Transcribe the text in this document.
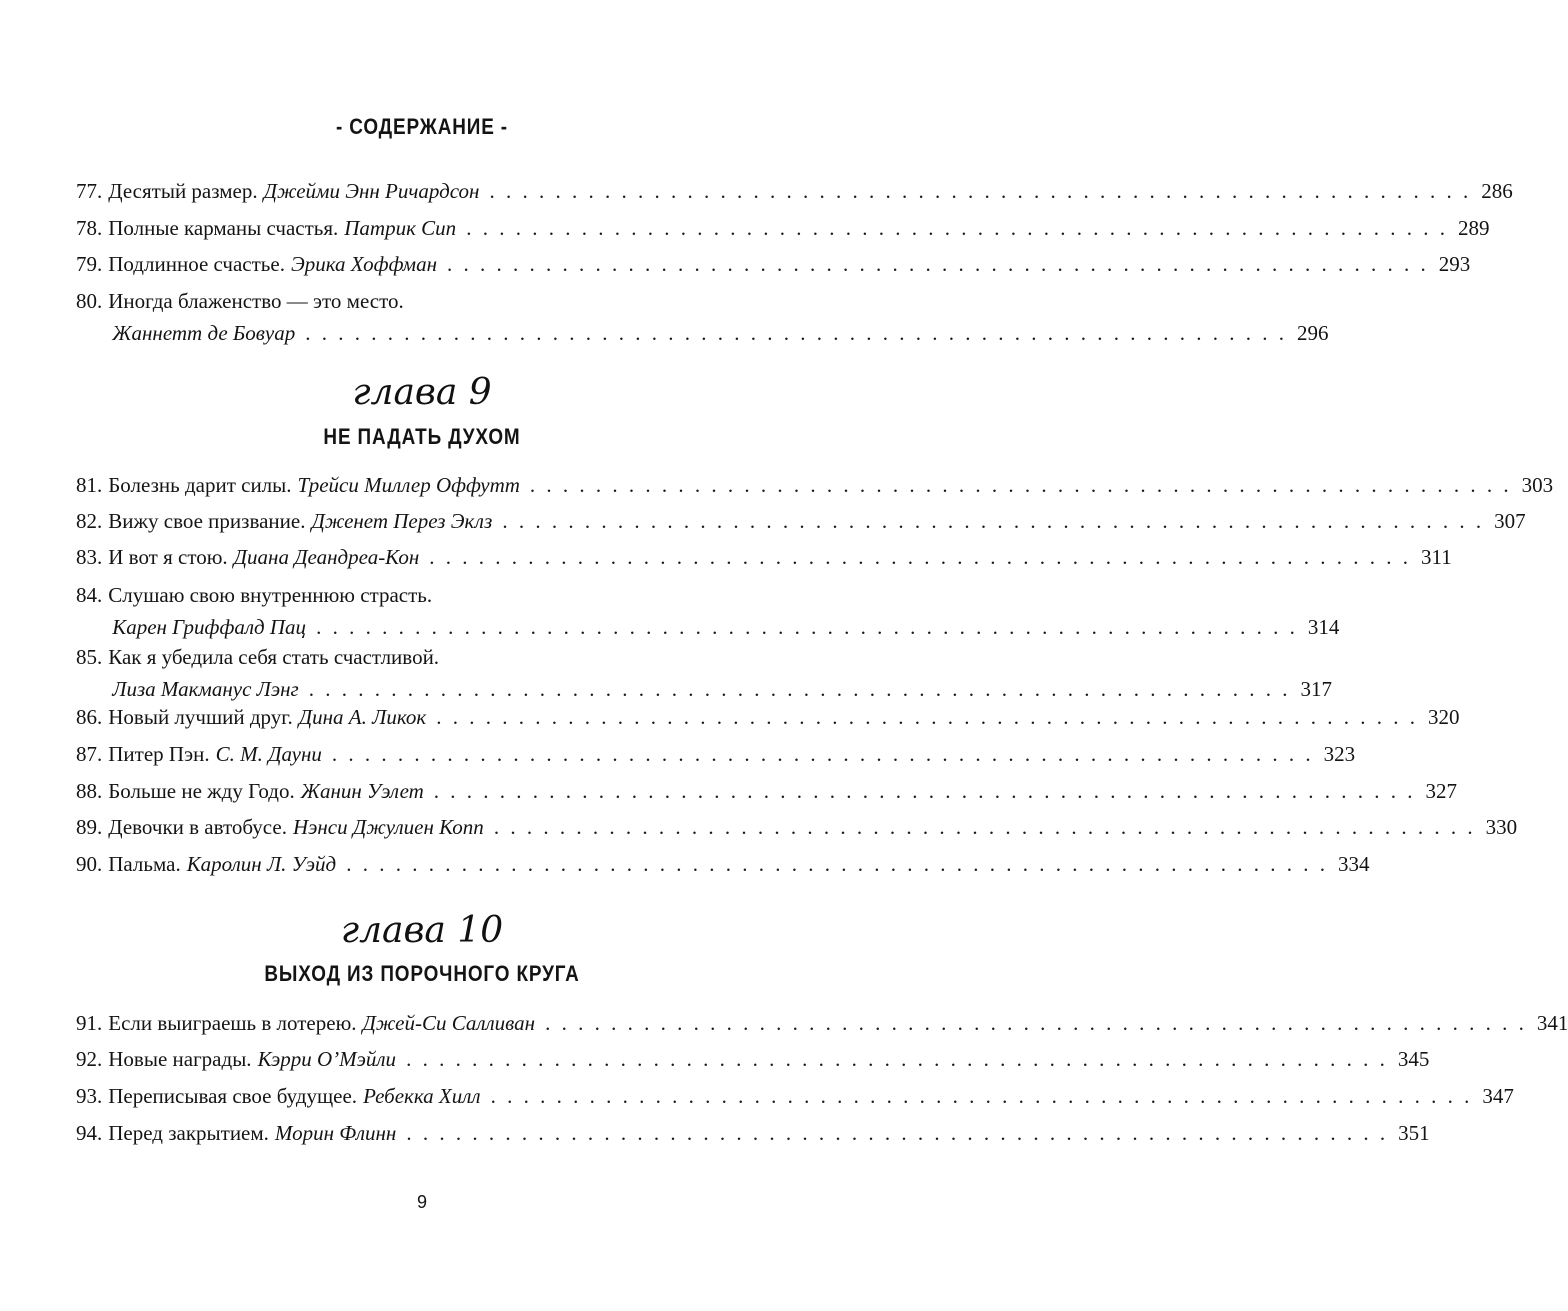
- СОДЕРЖАНИЕ -
77. Десятый размер. Джейми Энн Ричардсон . . . . . . . . . . . . . . . . . . . . . . . . . . . . . . . . . . . . . . . . . . . . . . . . . . . . . . . . . . . . 286
78. Полные карманы счастья. Патрик Сип . . . . . . . . . . . . . . . . . . . . . . . . . . . . . . . . . . . . . . . . . . . . . . . . . . . . . . . . . . . . 289
79. Подлинное счастье. Эрика Хоффман . . . . . . . . . . . . . . . . . . . . . . . . . . . . . . . . . . . . . . . . . . . . . . . . . . . . . . . . . . . . 293
80. Иногда блаженство — это место.
Жаннетт де Бовуар . . . . . . . . . . . . . . . . . . . . . . . . . . . . . . . . . . . . . . . . . . . . . . . . . . . . . . . . . . . . 296
глава 9
НЕ ПАДАТЬ ДУХОМ
81. Болезнь дарит силы. Трейси Миллер Оффутт . . . . . . . . . . . . . . . . . . . . . . . . . . . . . . . . . . . . . . . . . . . . . . . . . . . . . . . . . . . . 303
82. Вижу свое призвание. Дженет Перез Эклз . . . . . . . . . . . . . . . . . . . . . . . . . . . . . . . . . . . . . . . . . . . . . . . . . . . . . . . . . . . . 307
83. И вот я стою. Диана Деандреа-Кон . . . . . . . . . . . . . . . . . . . . . . . . . . . . . . . . . . . . . . . . . . . . . . . . . . . . . . . . . . . . 311
84. Слушаю свою внутреннюю страсть.
Карен Гриффалд Пац . . . . . . . . . . . . . . . . . . . . . . . . . . . . . . . . . . . . . . . . . . . . . . . . . . . . . . . . . . . . 314
85. Как я убедила себя стать счастливой.
Лиза Макманус Лэнг . . . . . . . . . . . . . . . . . . . . . . . . . . . . . . . . . . . . . . . . . . . . . . . . . . . . . . . . . . . . 317
86. Новый лучший друг. Дина А. Ликок . . . . . . . . . . . . . . . . . . . . . . . . . . . . . . . . . . . . . . . . . . . . . . . . . . . . . . . . . . . . 320
87. Питер Пэн. С. М. Дауни . . . . . . . . . . . . . . . . . . . . . . . . . . . . . . . . . . . . . . . . . . . . . . . . . . . . . . . . . . . . 323
88. Больше не жду Годо. Жанин Уэлет . . . . . . . . . . . . . . . . . . . . . . . . . . . . . . . . . . . . . . . . . . . . . . . . . . . . . . . . . . . . 327
89. Девочки в автобусе. Нэнси Джулиен Копп . . . . . . . . . . . . . . . . . . . . . . . . . . . . . . . . . . . . . . . . . . . . . . . . . . . . . . . . . . . . 330
90. Пальма. Каролин Л. Уэйд . . . . . . . . . . . . . . . . . . . . . . . . . . . . . . . . . . . . . . . . . . . . . . . . . . . . . . . . . . . . 334
глава 10
ВЫХОД ИЗ ПОРОЧНОГО КРУГА
91. Если выиграешь в лотерею. Джей-Си Салливан . . . . . . . . . . . . . . . . . . . . . . . . . . . . . . . . . . . . . . . . . . . . . . . . . . . . . . . . . . . . 341
92. Новые награды. Кэрри О’Мэйли . . . . . . . . . . . . . . . . . . . . . . . . . . . . . . . . . . . . . . . . . . . . . . . . . . . . . . . . . . . . 345
93. Переписывая свое будущее. Ребекка Хилл . . . . . . . . . . . . . . . . . . . . . . . . . . . . . . . . . . . . . . . . . . . . . . . . . . . . . . . . . . . . 347
94. Перед закрытием. Морин Флинн . . . . . . . . . . . . . . . . . . . . . . . . . . . . . . . . . . . . . . . . . . . . . . . . . . . . . . . . . . . . 351
9
